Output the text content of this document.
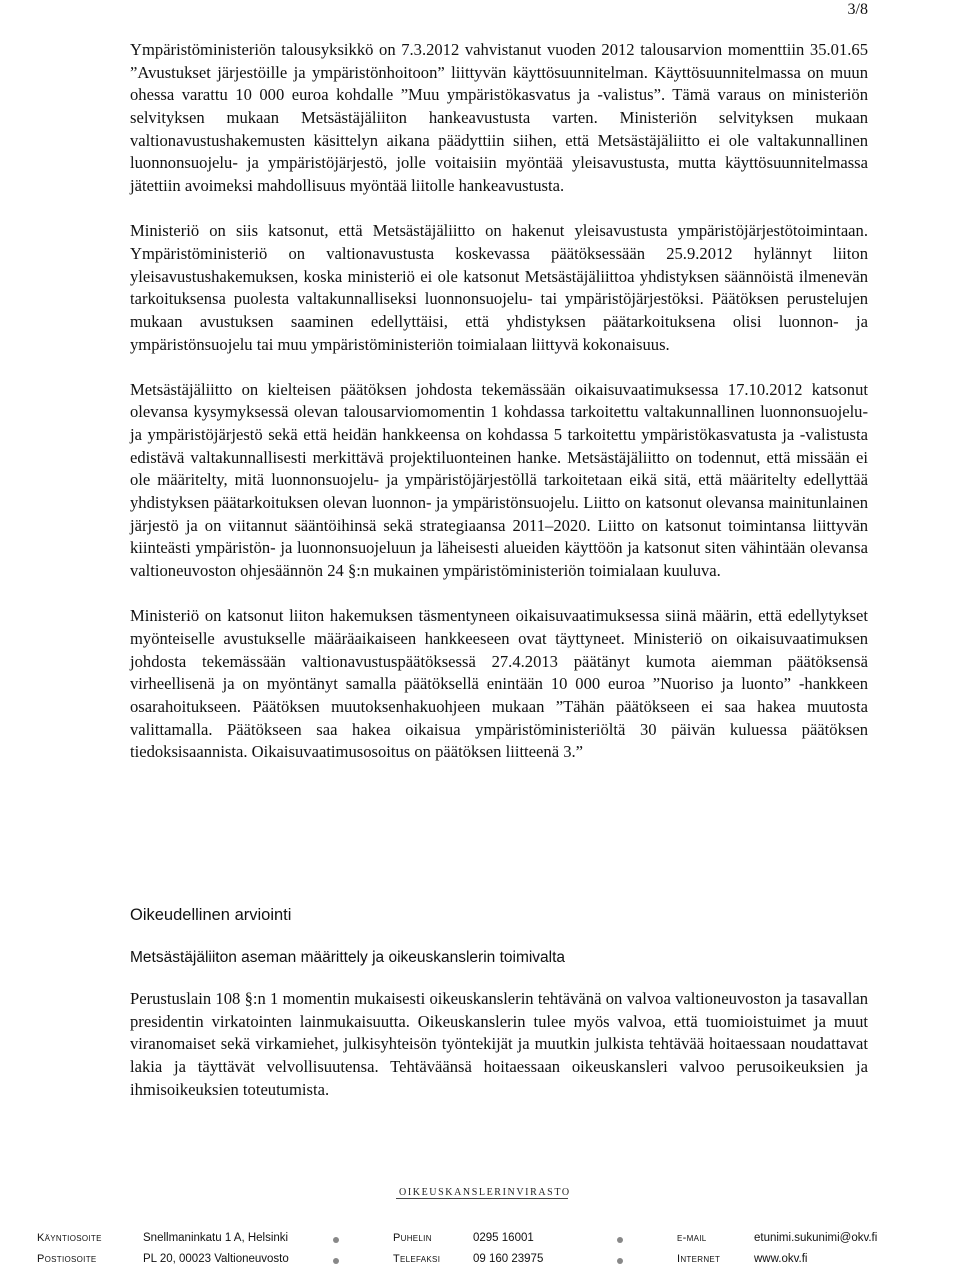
3/8

Ympäristöministeriön talousyksikkö on 7.3.2012 vahvistanut vuoden 2012 talousarvion momenttiin 35.01.65 ”Avustukset järjestöille ja ympäristönhoitoon” liittyvän käyttösuunnitelman. Käyttösuunnitelmassa on muun ohessa varattu 10 000 euroa kohdalle ”Muu ympäristökasvatus ja -valistus”. Tämä varaus on ministeriön selvityksen mukaan Metsästäjäliiton hankeavustusta varten. Ministeriön selvityksen mukaan valtionavustushakemusten käsittelyn aikana päädyttiin siihen, että Metsästäjäliitto ei ole valtakunnallinen luonnonsuojelu- ja ympäristöjärjestö, jolle voitaisiin myöntää yleisavustusta, mutta käyttösuunnitelmassa jätettiin avoimeksi mahdollisuus myöntää liitolle hankeavustusta.

Ministeriö on siis katsonut, että Metsästäjäliitto on hakenut yleisavustusta ympäristöjärjestötoimintaan. Ympäristöministeriö on valtionavustusta koskevassa päätöksessään 25.9.2012 hylännyt liiton yleisavustushakemuksen, koska ministeriö ei ole katsonut Metsästäjäliittoa yhdistyksen säännöistä ilmenevän tarkoituksensa puolesta valtakunnalliseksi luonnonsuojelu- tai ympäristöjärjestöksi. Päätöksen perustelujen mukaan avustuksen saaminen edellyttäisi, että yhdistyksen päätarkoituksena olisi luonnon- ja ympäristönsuojelu tai muu ympäristöministeriön toimialaan liittyvä kokonaisuus.

Metsästäjäliitto on kielteisen päätöksen johdosta tekemässään oikaisuvaatimuksessa 17.10.2012 katsonut olevansa kysymyksessä olevan talousarviomomentin 1 kohdassa tarkoitettu valtakunnallinen luonnonsuojelu- ja ympäristöjärjestö sekä että heidän hankkeensa on kohdassa 5 tarkoitettu ympäristökasvatusta ja -valistusta edistävä valtakunnallisesti merkittävä projektiluonteinen hanke. Metsästäjäliitto on todennut, että missään ei ole määritelty, mitä luonnonsuojelu- ja ympäristöjärjestöllä tarkoitetaan eikä sitä, että määritelty edellyttää yhdistyksen päätarkoituksen olevan luonnon- ja ympäristönsuojelu. Liitto on katsonut olevansa mainitunlainen järjestö ja on viitannut sääntöihinsä sekä strategiaansa 2011–2020. Liitto on katsonut toimintansa liittyvän kiinteästi ympäristön- ja luonnonsuojeluun ja läheisesti alueiden käyttöön ja katsonut siten vähintään olevansa valtioneuvoston ohjesäännön 24 §:n mukainen ympäristöministeriön toimialaan kuuluva.

Ministeriö on katsonut liiton hakemuksen täsmentyneen oikaisuvaatimuksessa siinä määrin, että edellytykset myönteiselle avustukselle määräaikaiseen hankkeeseen ovat täyttyneet. Ministeriö on oikaisuvaatimuksen johdosta tekemässään valtionavustuspäätöksessä 27.4.2013 päätänyt kumota aiemman päätöksensä virheellisenä ja on myöntänyt samalla päätöksellä enintään 10 000 euroa ”Nuoriso ja luonto” -hankkeen osarahoitukseen. Päätöksen muutoksenhakuohjeen mukaan ”Tähän päätökseen ei saa hakea muutosta valittamalla. Päätökseen saa hakea oikaisua ympäristöministeriöltä 30 päivän kuluessa päätöksen tiedoksisaannista. Oikaisuvaatimusosoitus on päätöksen liitteenä 3.”

Oikeudellinen arviointi
Metsästäjäliiton aseman määrittely ja oikeuskanslerin toimivalta

Perustuslain 108 §:n 1 momentin mukaisesti oikeuskanslerin tehtävänä on valvoa valtioneuvoston ja tasavallan presidentin virkatointen lainmukaisuutta. Oikeuskanslerin tulee myös valvoa, että tuomioistuimet ja muut viranomaiset sekä virkamiehet, julkisyhteisön työntekijät ja muutkin julkista tehtävää hoitaessaan noudattavat lakia ja täyttävät velvollisuutensa. Tehtäväänsä hoitaessaan oikeuskansleri valvoo perusoikeuksien ja ihmisoikeuksien toteutumista.

OIKEUSKANSLERINVIRASTO
Käyntiosoite	Snellmaninkatu 1 A, Helsinki	Puhelin	0295 16001	e-mail	etunimi.sukunimi@okv.fi
Postiosoite	PL 20, 00023 Valtioneuvosto	Telefaksi	09 160 23975	Internet	www.okv.fi
